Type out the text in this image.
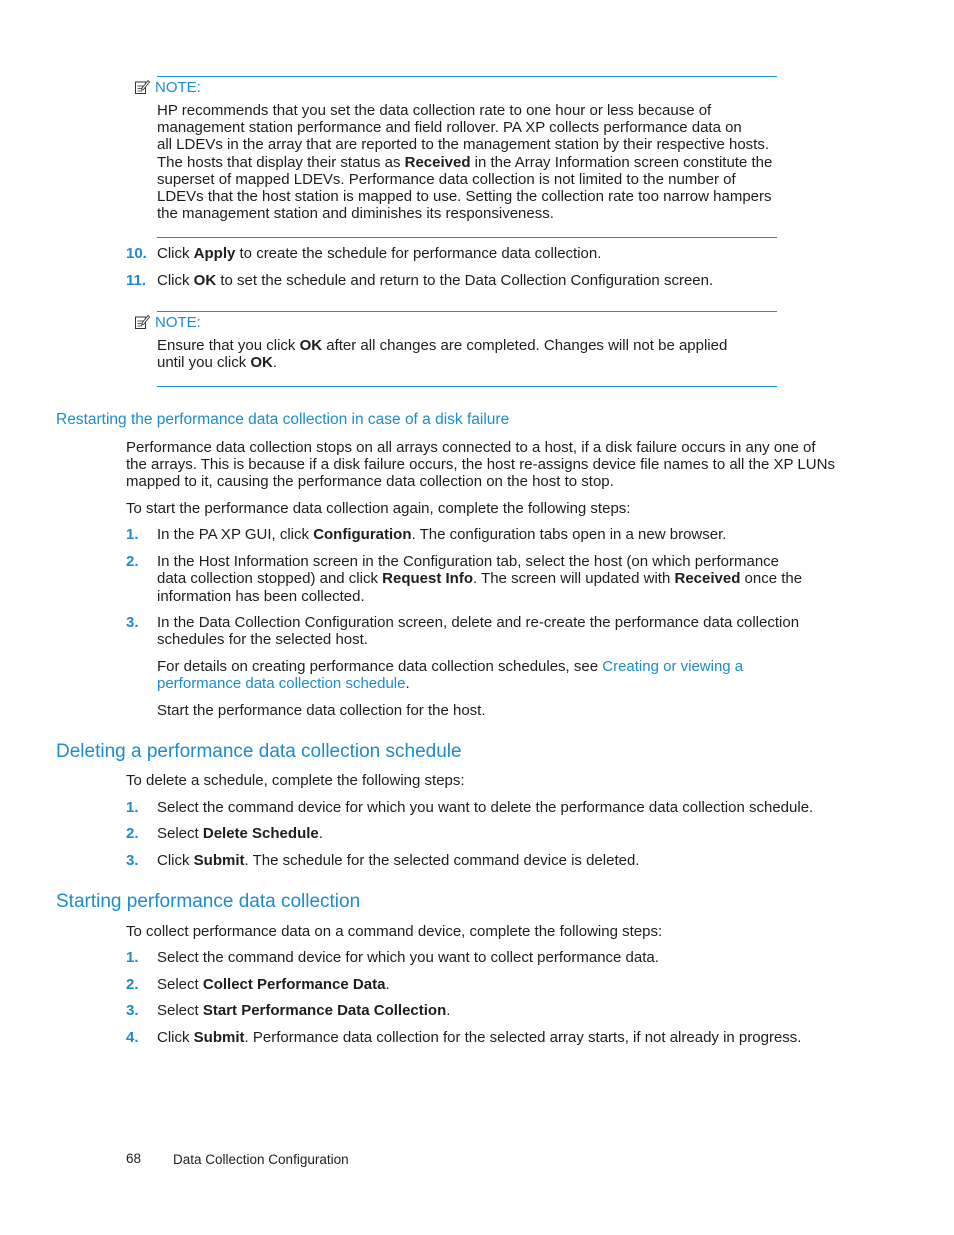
NOTE:
HP recommends that you set the data collection rate to one hour or less because of
management station performance and field rollover. PA XP collects performance data on
all LDEVs in the array that are reported to the management station by their respective hosts.
The hosts that display their status as Received in the Array Information screen constitute the
superset of mapped LDEVs. Performance data collection is not limited to the number of
LDEVs that the host station is mapped to use. Setting the collection rate too narrow hampers
the management station and diminishes its responsiveness.
10. Click Apply to create the schedule for performance data collection.
11. Click OK to set the schedule and return to the Data Collection Configuration screen.
NOTE:
Ensure that you click OK after all changes are completed. Changes will not be applied
until you click OK.
Restarting the performance data collection in case of a disk failure
Performance data collection stops on all arrays connected to a host, if a disk failure occurs in any one of
the arrays. This is because if a disk failure occurs, the host re-assigns device file names to all the XP LUNs
mapped to it, causing the performance data collection on the host to stop.
To start the performance data collection again, complete the following steps:
1. In the PA XP GUI, click Configuration. The configuration tabs open in a new browser.
2. In the Host Information screen in the Configuration tab, select the host (on which performance
data collection stopped) and click Request Info. The screen will updated with Received once the
information has been collected.
3. In the Data Collection Configuration screen, delete and re-create the performance data collection
schedules for the selected host.
For details on creating performance data collection schedules, see Creating or viewing a
performance data collection schedule.
Start the performance data collection for the host.
Deleting a performance data collection schedule
To delete a schedule, complete the following steps:
1. Select the command device for which you want to delete the performance data collection schedule.
2. Select Delete Schedule.
3. Click Submit. The schedule for the selected command device is deleted.
Starting performance data collection
To collect performance data on a command device, complete the following steps:
1. Select the command device for which you want to collect performance data.
2. Select Collect Performance Data.
3. Select Start Performance Data Collection.
4. Click Submit. Performance data collection for the selected array starts, if not already in progress.
68 Data Collection Configuration
